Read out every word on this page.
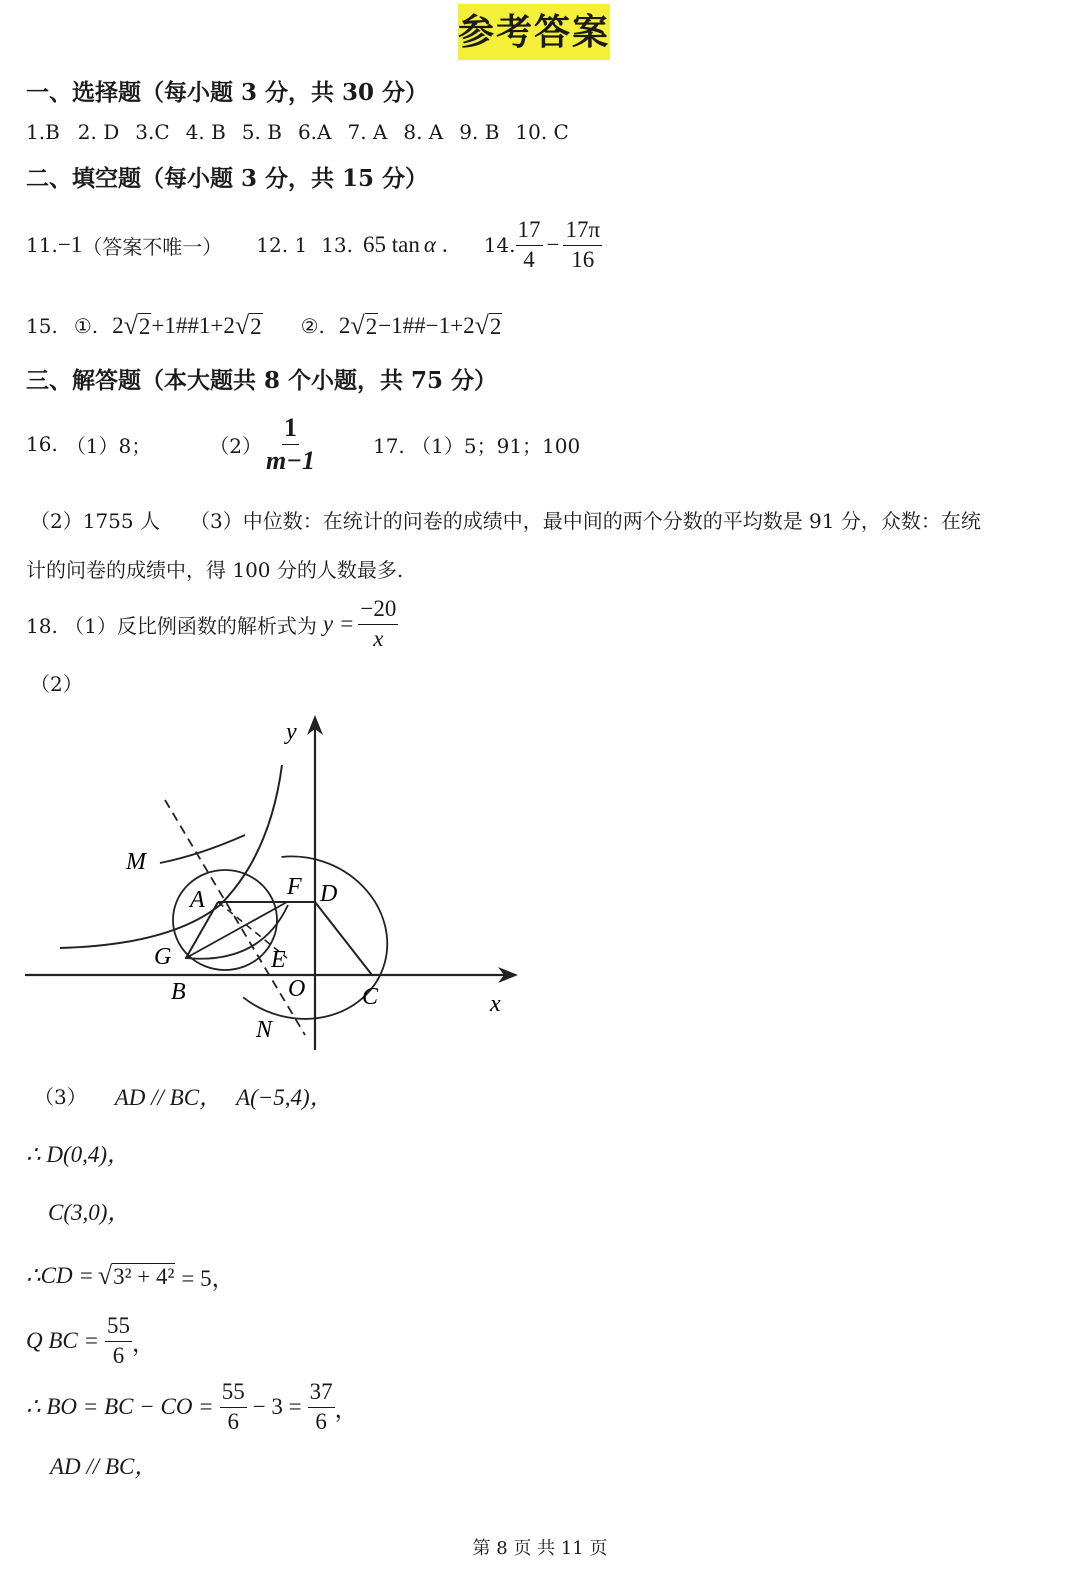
参考答案
一、选择题（每小题 3 分，共 30 分）
1.B 2. D 3.C 4. B 5. B 6.A 7. A 8. A 9. B 10. C
二、填空题（每小题 3 分，共 15 分）
11. −1 （答案不唯一） 12. 1 13. 65 tan α . 14. $\frac{17}{4} - \frac{17\pi}{16}$
15. ①. 2 √ 2 +1##1+2 √ 2 ②. 2 √ 2 −1##−1+2 √ 2
三、解答题（本大题共 8 个小题，共 75 分）
16. （1）8；	$(2) \frac{1}{m-1}$	17. （1）5；91；100
（2）1755 人　　（3）中位数：在统计的问卷的成绩中，最中间的两个分数的平均数是 91 分，众数：在统
计的问卷的成绩中，得 100 分的人数最多.
18. （1）反比例函数的解析式为 $y = \frac{-20}{x}$
（2）
y
x
M
A	F D
G	E
B	O C
N
（3） AD // BC， A(−5,4)，
∴ D(0,4)，
C(3,0)，
∴CD = √ 3² + 4² = 5，
Q BC = $\frac{55}{6}$ ，
∴ BO = BC − CO = $\frac{55}{6} - 3 = \frac{37}{6}$ ，
AD // BC，
第 8 页 共 11 页
